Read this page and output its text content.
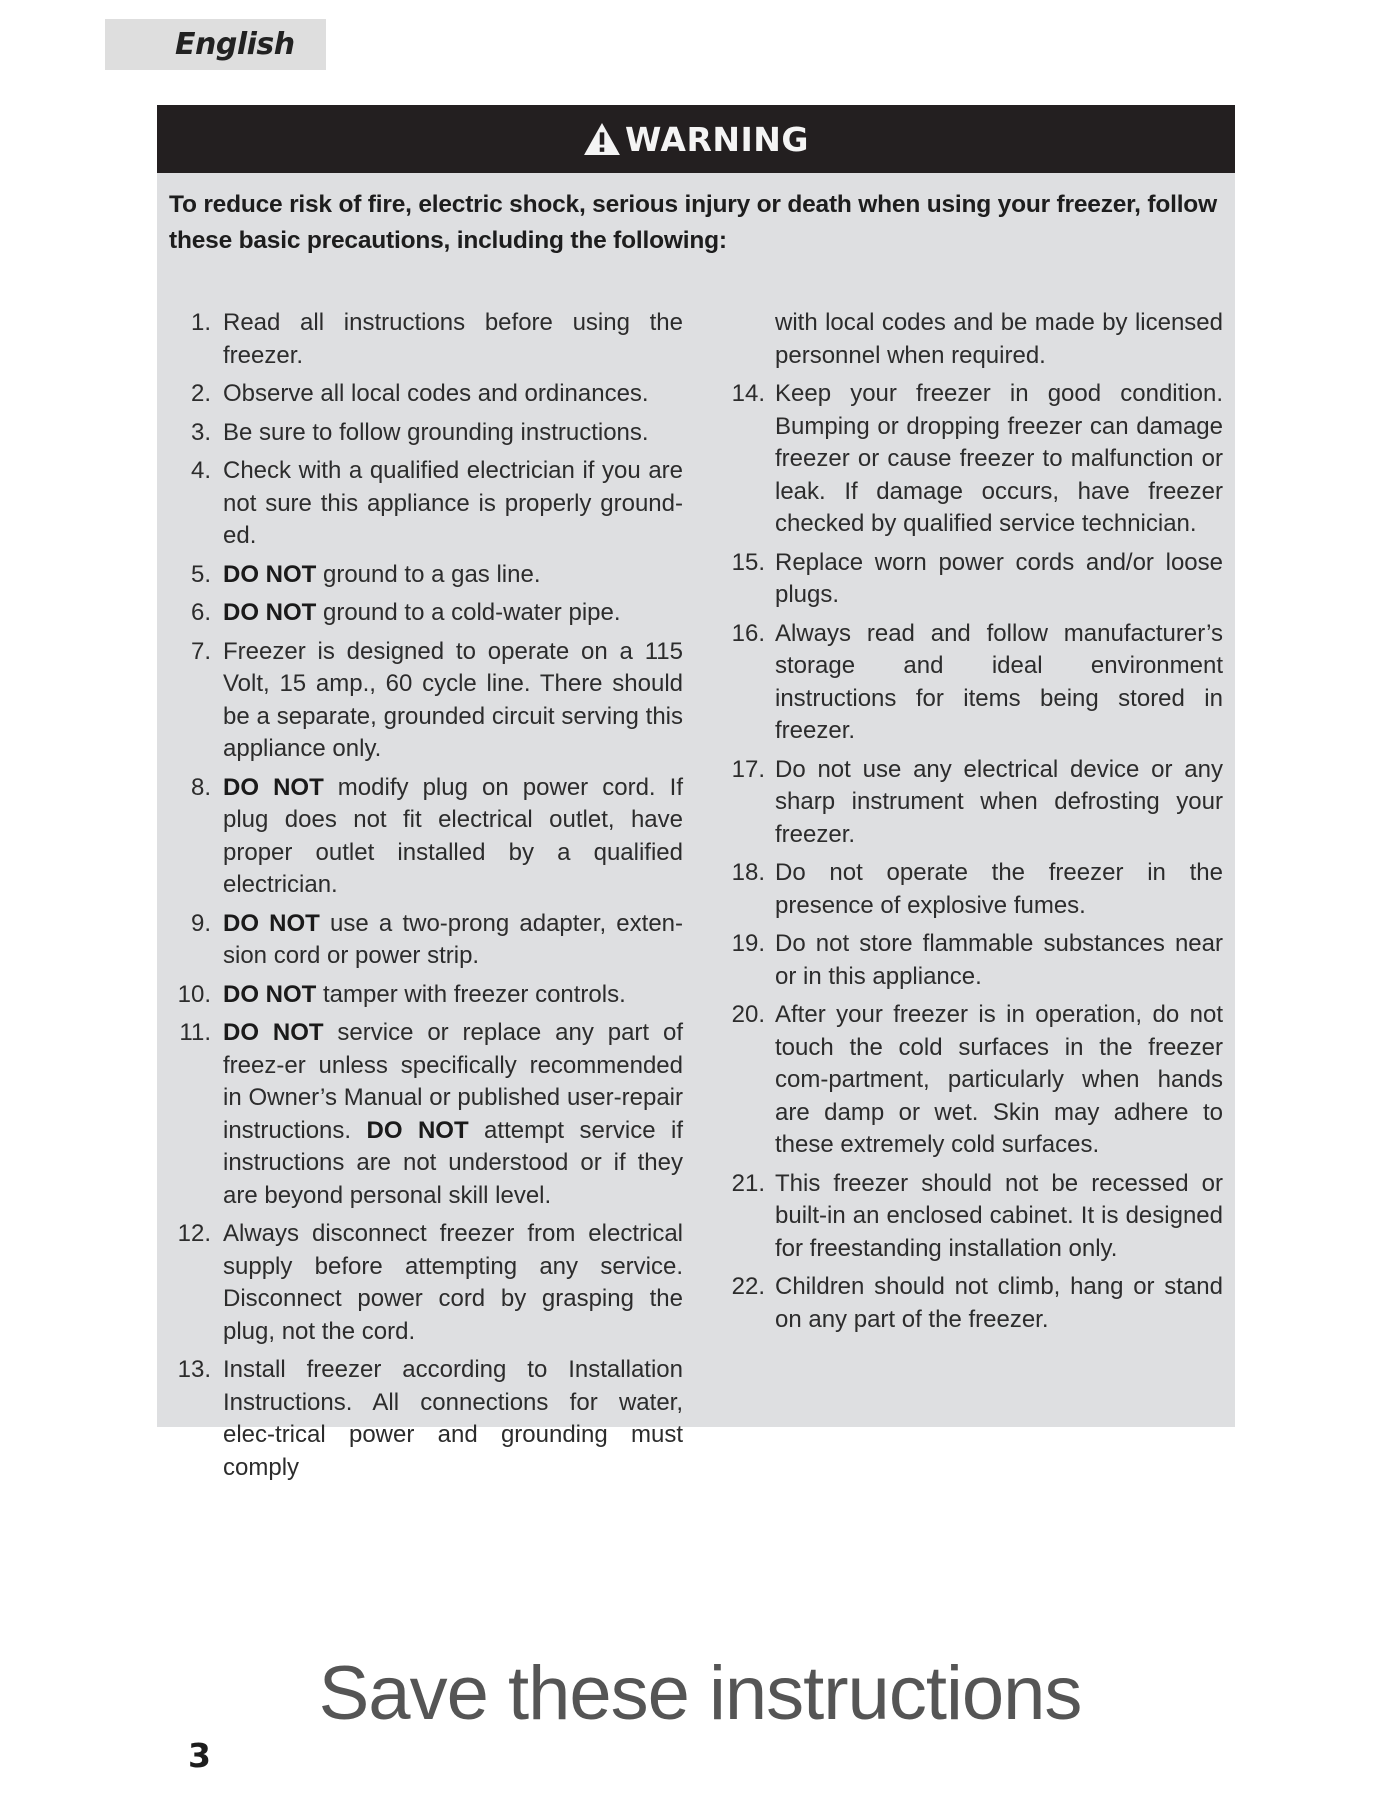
English
WARNING
To reduce risk of fire, electric shock, serious injury or death when using your freezer, follow these basic precautions, including the following:
1. Read all instructions before using the freezer.
2. Observe all local codes and ordinances.
3. Be sure to follow grounding instructions.
4. Check with a qualified electrician if you are not sure this appliance is properly ground-ed.
5. DO NOT ground to a gas line.
6. DO NOT ground to a cold-water pipe.
7. Freezer is designed to operate on a 115 Volt, 15 amp., 60 cycle line. There should be a separate, grounded circuit serving this appliance only.
8. DO NOT modify plug on power cord. If plug does not fit electrical outlet, have proper outlet installed by a qualified electrician.
9. DO NOT use a two-prong adapter, exten-sion cord or power strip.
10. DO NOT tamper with freezer controls.
11. DO NOT service or replace any part of freez-er unless specifically recommended in Owner’s Manual or published user-repair instructions. DO NOT attempt service if instructions are not understood or if they are beyond personal skill level.
12. Always disconnect freezer from electrical supply before attempting any service. Disconnect power cord by grasping the plug, not the cord.
13. Install freezer according to Installation Instructions. All connections for water, elec-trical power and grounding must comply
with local codes and be made by licensed personnel when required.
14. Keep your freezer in good condition. Bumping or dropping freezer can damage freezer or cause freezer to malfunction or leak. If damage occurs, have freezer checked by qualified service technician.
15. Replace worn power cords and/or loose plugs.
16. Always read and follow manufacturer’s storage and ideal environment instructions for items being stored in freezer.
17. Do not use any electrical device or any sharp instrument when defrosting your freezer.
18. Do not operate the freezer in the presence of explosive fumes.
19. Do not store flammable substances near or in this appliance.
20. After your freezer is in operation, do not touch the cold surfaces in the freezer com-partment, particularly when hands are damp or wet. Skin may adhere to these extremely cold surfaces.
21. This freezer should not be recessed or built-in an enclosed cabinet. It is designed for freestanding installation only.
22. Children should not climb, hang or stand on any part of the freezer.
Save these instructions
3
